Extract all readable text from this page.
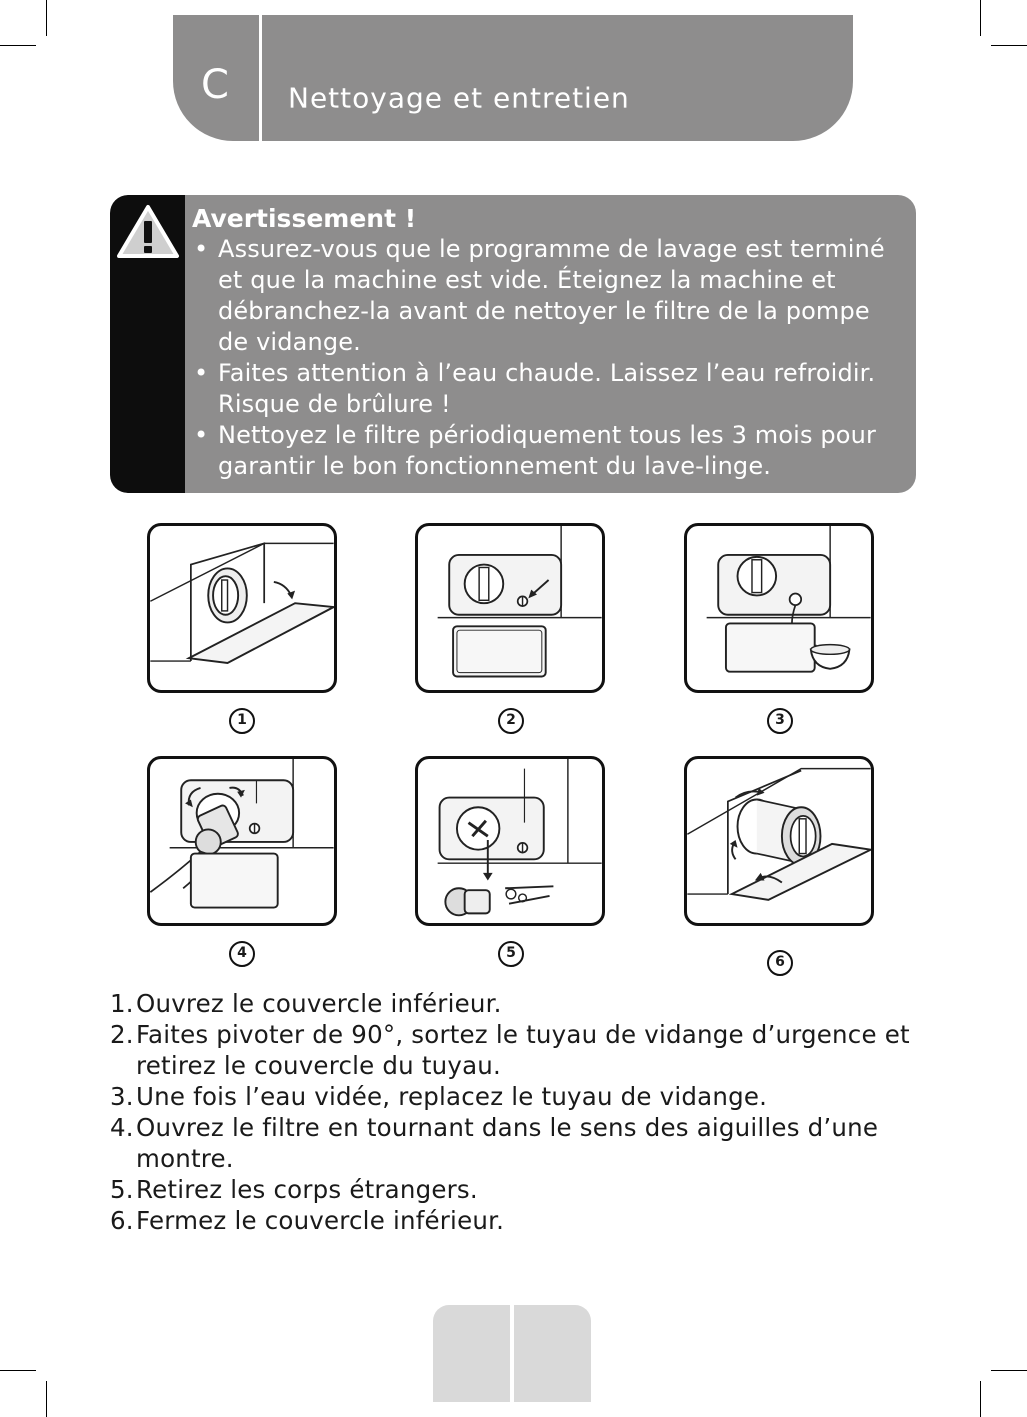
C	Nettoyage et entretien
Avertissement !
• Assurez-vous que le programme de lavage est terminé et que la machine est vide. Éteignez la machine et débranchez-la avant de nettoyer le filtre de la pompe de vidange.
• Faites attention à l’eau chaude. Laissez l’eau refroidir. Risque de brûlure !
• Nettoyez le filtre périodiquement tous les 3 mois pour garantir le bon fonctionnement du lave-linge.
1	2	3
4	5
6
1. Ouvrez le couvercle inférieur.
2. Faites pivoter de 90°, sortez le tuyau de vidange d’urgence et retirez le couvercle du tuyau.
3. Une fois l’eau vidée, replacez le tuyau de vidange.
4. Ouvrez le filtre en tournant dans le sens des aiguilles d’une montre.
5. Retirez les corps étrangers.
6. Fermez le couvercle inférieur.
